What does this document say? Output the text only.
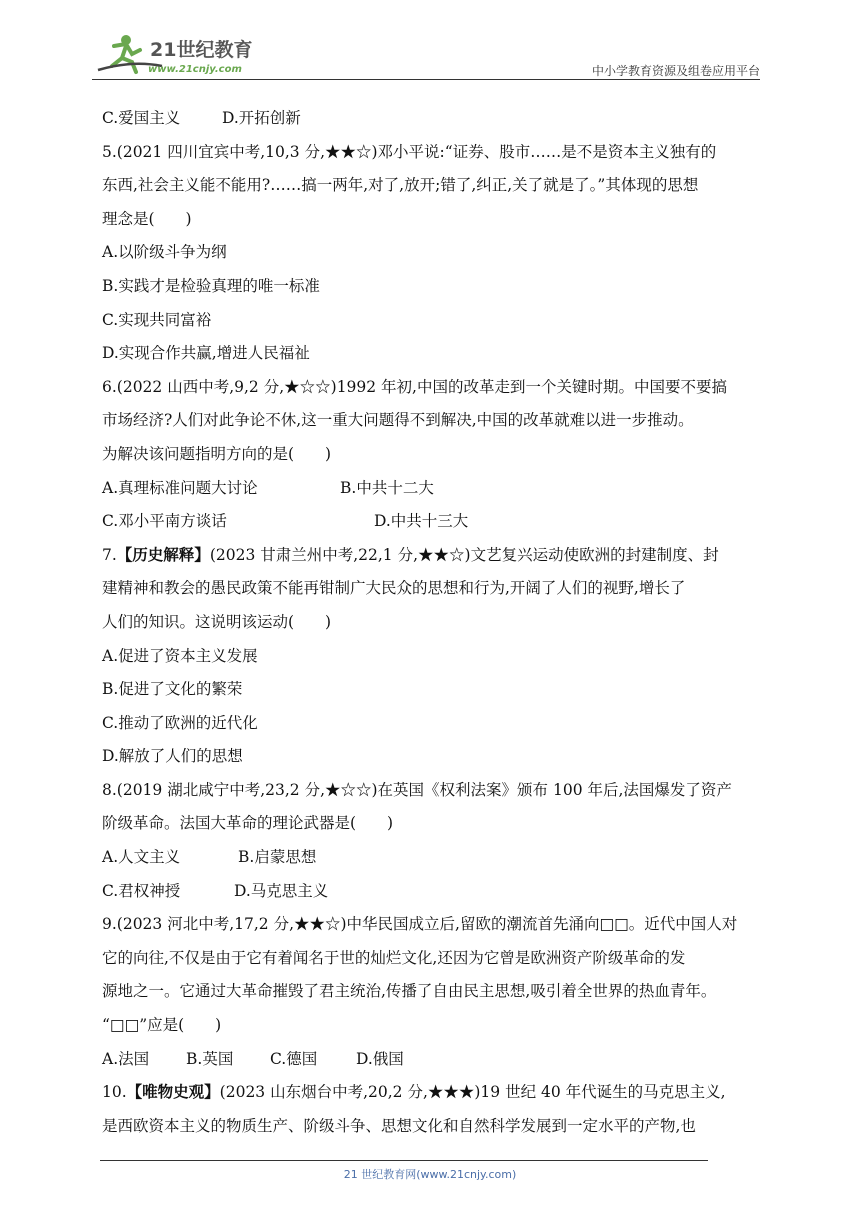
21世纪教育
www.21cnjy.com	中小学教育资源及组卷应用平台
C.爱国主义	D.开拓创新
5.(2021 四川宜宾中考,10,3 分,★★☆)邓小平说:“证券、股市……是不是资本主义独有的
东西,社会主义能不能用?……搞一两年,对了,放开;错了,纠正,关了就是了。”其体现的思想
理念是(　　)
A.以阶级斗争为纲
B.实践才是检验真理的唯一标准
C.实现共同富裕
D.实现合作共赢,增进人民福祉
6.(2022 山西中考,9,2 分,★☆☆)1992 年初,中国的改革走到一个关键时期。中国要不要搞
市场经济?人们对此争论不休,这一重大问题得不到解决,中国的改革就难以进一步推动。
为解决该问题指明方向的是(　　)
A.真理标准问题大讨论	B.中共十二大
C.邓小平南方谈话	D.中共十三大
7.【历史解释】(2023 甘肃兰州中考,22,1 分,★★☆)文艺复兴运动使欧洲的封建制度、封
建精神和教会的愚民政策不能再钳制广大民众的思想和行为,开阔了人们的视野,增长了
人们的知识。这说明该运动(　　)
A.促进了资本主义发展
B.促进了文化的繁荣
C.推动了欧洲的近代化
D.解放了人们的思想
8.(2019 湖北咸宁中考,23,2 分,★☆☆)在英国《权利法案》颁布 100 年后,法国爆发了资产
阶级革命。法国大革命的理论武器是(　　)
A.人文主义	B.启蒙思想
C.君权神授	D.马克思主义
9.(2023 河北中考,17,2 分,★★☆)中华民国成立后,留欧的潮流首先涌向□□。近代中国人对
它的向往,不仅是由于它有着闻名于世的灿烂文化,还因为它曾是欧洲资产阶级革命的发
源地之一。它通过大革命摧毁了君主统治,传播了自由民主思想,吸引着全世界的热血青年。
“□□”应是(　　)
A.法国 B.英国 C.德国	D.俄国
10.【唯物史观】(2023 山东烟台中考,20,2 分,★★★)19 世纪 40 年代诞生的马克思主义,
是西欧资本主义的物质生产、阶级斗争、思想文化和自然科学发展到一定水平的产物,也
21 世纪教育网(www.21cnjy.com)
